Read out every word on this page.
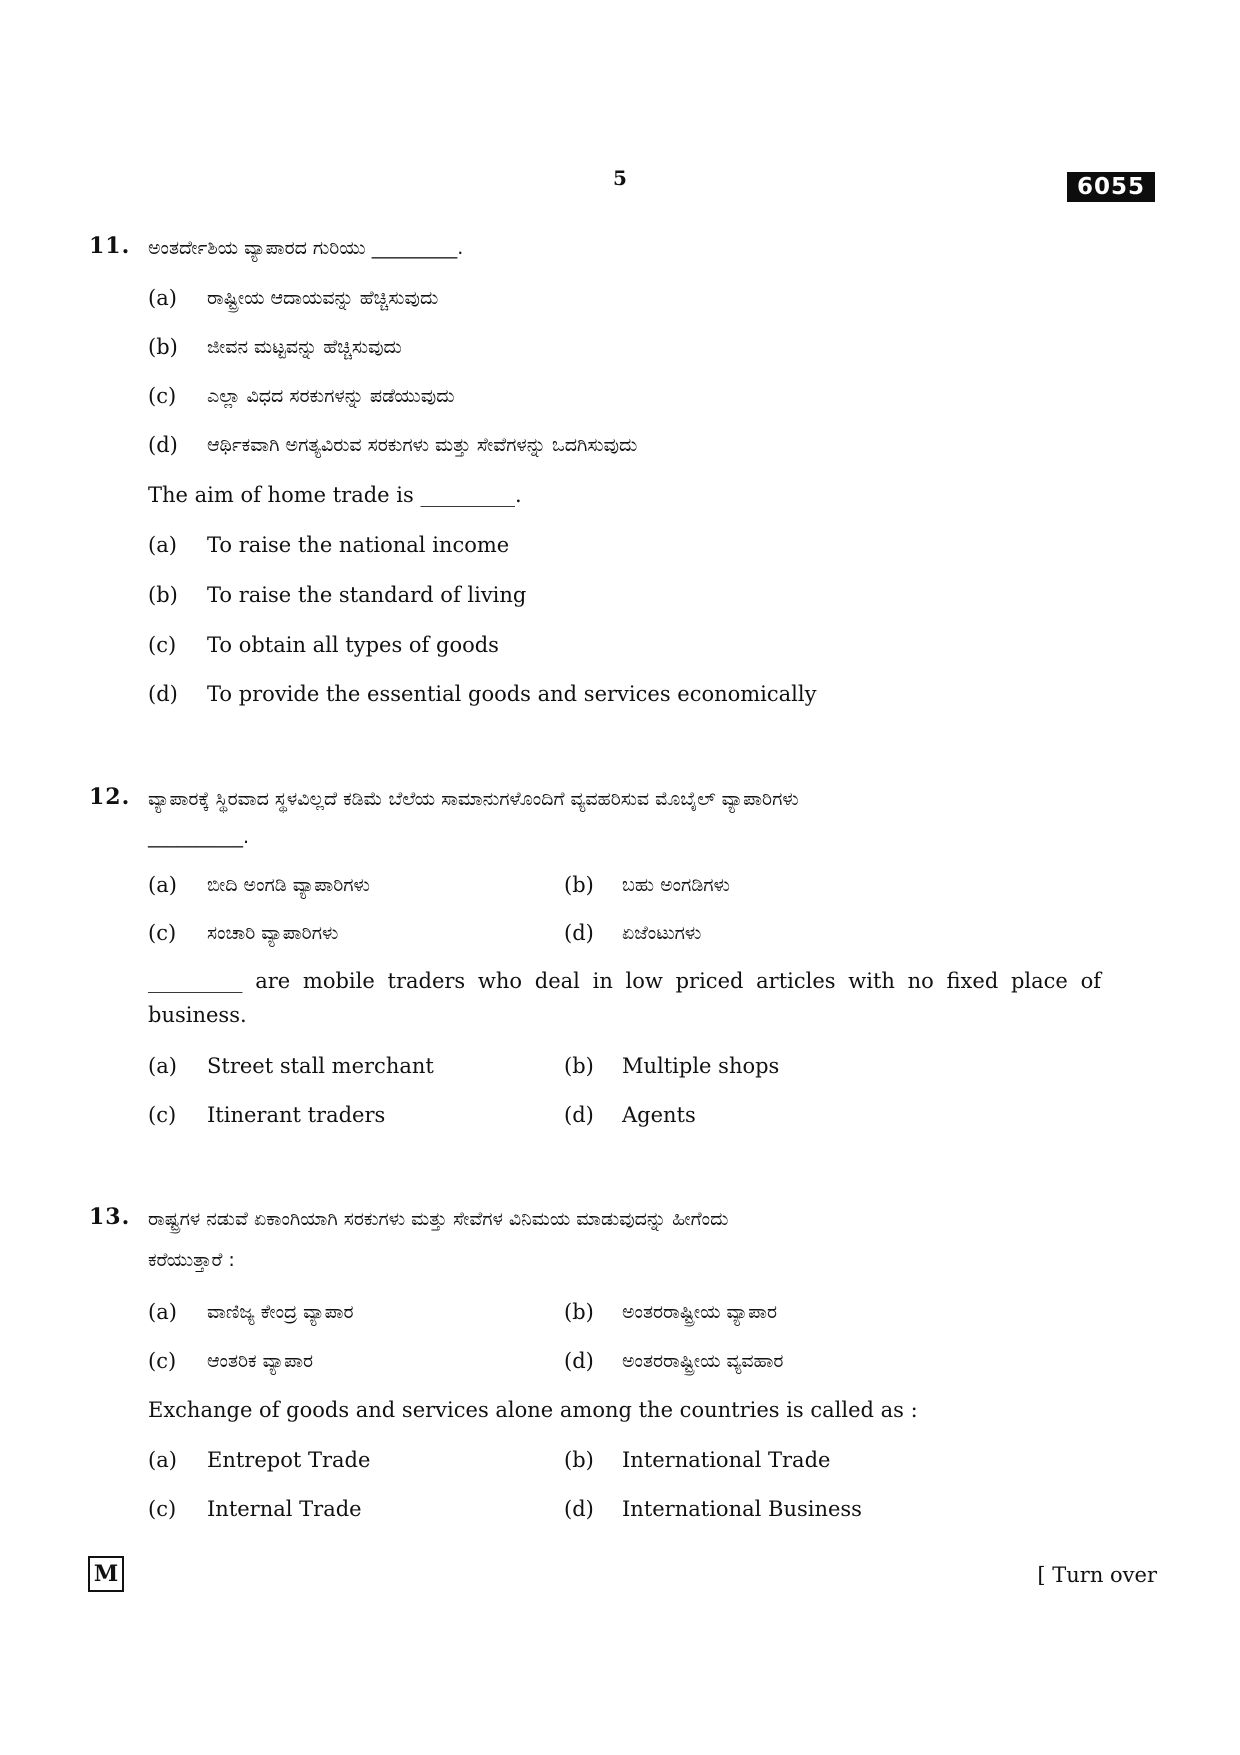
5	6055
11. ಅಂತರ್ದೇಶಿಯ ವ್ಯಾಪಾರದ ಗುರಿಯು _________.
(a) ರಾಷ್ಟ್ರೀಯ ಆದಾಯವನ್ನು ಹೆಚ್ಚಿಸುವುದು
(b) ಜೀವನ ಮಟ್ಟವನ್ನು ಹೆಚ್ಚಿಸುವುದು
(c) ಎಲ್ಲಾ ವಿಧದ ಸರಕುಗಳನ್ನು ಪಡೆಯುವುದು
(d) ಆರ್ಥಿಕವಾಗಿ ಅಗತ್ಯವಿರುವ ಸರಕುಗಳು ಮತ್ತು ಸೇವೆಗಳನ್ನು ಒದಗಿಸುವುದು
The aim of home trade is _________.
(a) To raise the national income
(b) To raise the standard of living
(c) To obtain all types of goods
(d) To provide the essential goods and services economically
12. ವ್ಯಾಪಾರಕ್ಕೆ ಸ್ಥಿರವಾದ ಸ್ಥಳವಿಲ್ಲದೆ ಕಡಿಮೆ ಬೆಲೆಯ ಸಾಮಾನುಗಳೊಂದಿಗೆ ವ್ಯವಹರಿಸುವ ಮೊಬೈಲ್ ವ್ಯಾಪಾರಿಗಳು
__________.
(a) ಬೀದಿ ಅಂಗಡಿ ವ್ಯಾಪಾರಿಗಳು	(b) ಬಹು ಅಂಗಡಿಗಳು
(c) ಸಂಚಾರಿ ವ್ಯಾಪಾರಿಗಳು	(d) ಏಜೆಂಟುಗಳು
_________ are mobile traders who deal in low priced articles with no fixed place of business.
(a) Street stall merchant	(b) Multiple shops
(c) Itinerant traders	(d) Agents
13. ರಾಷ್ಟ್ರಗಳ ನಡುವೆ ಏಕಾಂಗಿಯಾಗಿ ಸರಕುಗಳು ಮತ್ತು ಸೇವೆಗಳ ವಿನಿಮಯ ಮಾಡುವುದನ್ನು ಹೀಗೆಂದು
ಕರೆಯುತ್ತಾರೆ :
(a) ವಾಣಿಜ್ಯ ಕೇಂದ್ರ ವ್ಯಾಪಾರ	(b) ಅಂತರರಾಷ್ಟ್ರೀಯ ವ್ಯಾಪಾರ
(c) ಆಂತರಿಕ ವ್ಯಾಪಾರ	(d) ಅಂತರರಾಷ್ಟ್ರೀಯ ವ್ಯವಹಾರ
Exchange of goods and services alone among the countries is called as :
(a) Entrepot Trade	(b) International Trade
(c) Internal Trade	(d) International Business
M	[ Turn over
